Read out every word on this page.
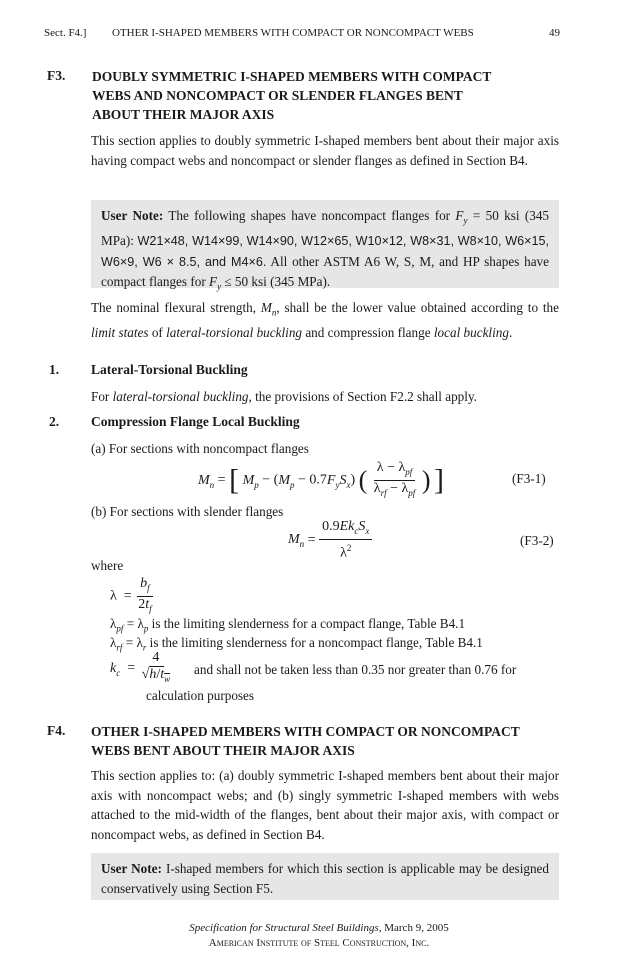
Sect. F4.] OTHER I-SHAPED MEMBERS WITH COMPACT OR NONCOMPACT WEBS	49
F3. DOUBLY SYMMETRIC I-SHAPED MEMBERS WITH COMPACT
WEBS AND NONCOMPACT OR SLENDER FLANGES BENT
ABOUT THEIR MAJOR AXIS
This section applies to doubly symmetric I-shaped members bent about their major axis having compact webs and noncompact or slender flanges as defined in Section B4.
User Note: The following shapes have noncompact flanges for $F_y = 50$ ksi (345 MPa): W21×48, W14×99, W14×90, W12×65, W10×12, W8×31, W8×10, W6×15, W6×9, W6 × 8.5, and M4×6. All other ASTM A6 W, S, M, and HP shapes have compact flanges for $F_y \le 50$ ksi (345 MPa).
The nominal flexural strength, $M_n$, shall be the lower value obtained according to the limit states of lateral-torsional buckling and compression flange local buckling.
1. Lateral-Torsional Buckling
For lateral-torsional buckling, the provisions of Section F2.2 shall apply.
2. Compression Flange Local Buckling
(a) For sections with noncompact flanges
$M_n$ = [ $M_p - (M_p - 0.7F_yS_x)$ ( $\frac{\lambda - \lambda_{pf}}{\lambda_{rf} - \lambda_{pf}}$ ) ]	(F3-1)
(b) For sections with slender flanges
$M_n = \frac{0.9Ek_cS_x}{\lambda^2}$	(F3-2)
where
$\lambda = \frac{b_f}{2t_f}$
$\lambda_{pf} = \lambda_p$ is the limiting slenderness for a compact flange, Table B4.1
$\lambda_{rf} = \lambda_r$ is the limiting slenderness for a noncompact flange, Table B4.1
$k_c = \frac{4}{√h/t_w}$ and shall not be taken less than 0.35 nor greater than 0.76 for
calculation purposes
F4. OTHER I-SHAPED MEMBERS WITH COMPACT OR NONCOMPACT
WEBS BENT ABOUT THEIR MAJOR AXIS
This section applies to: (a) doubly symmetric I-shaped members bent about their major axis with noncompact webs; and (b) singly symmetric I-shaped members with webs attached to the mid-width of the flanges, bent about their major axis, with compact or noncompact webs, as defined in Section B4.
User Note: I-shaped members for which this section is applicable may be designed conservatively using Section F5.
Specification for Structural Steel Buildings, March 9, 2005
American Institute of Steel Construction, Inc.
